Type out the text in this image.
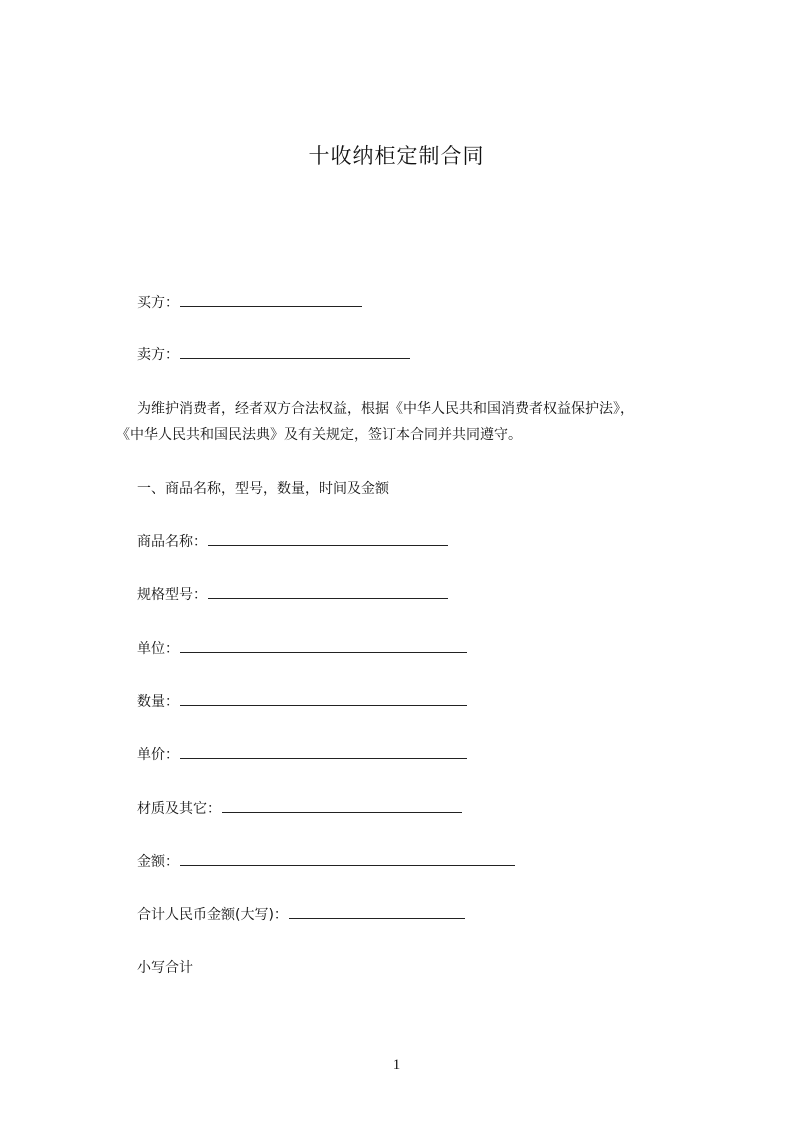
十收纳柜定制合同
买方：
卖方：
为维护消费者，经者双方合法权益，根据《中华人民共和国消费者权益保护法》，
《中华人民共和国民法典》及有关规定，签订本合同并共同遵守。
一、商品名称，型号，数量，时间及金额
商品名称：
规格型号：
单位：
数量：
单价：
材质及其它：
金额：
合计人民币金额(大写)：
小写合计
1
